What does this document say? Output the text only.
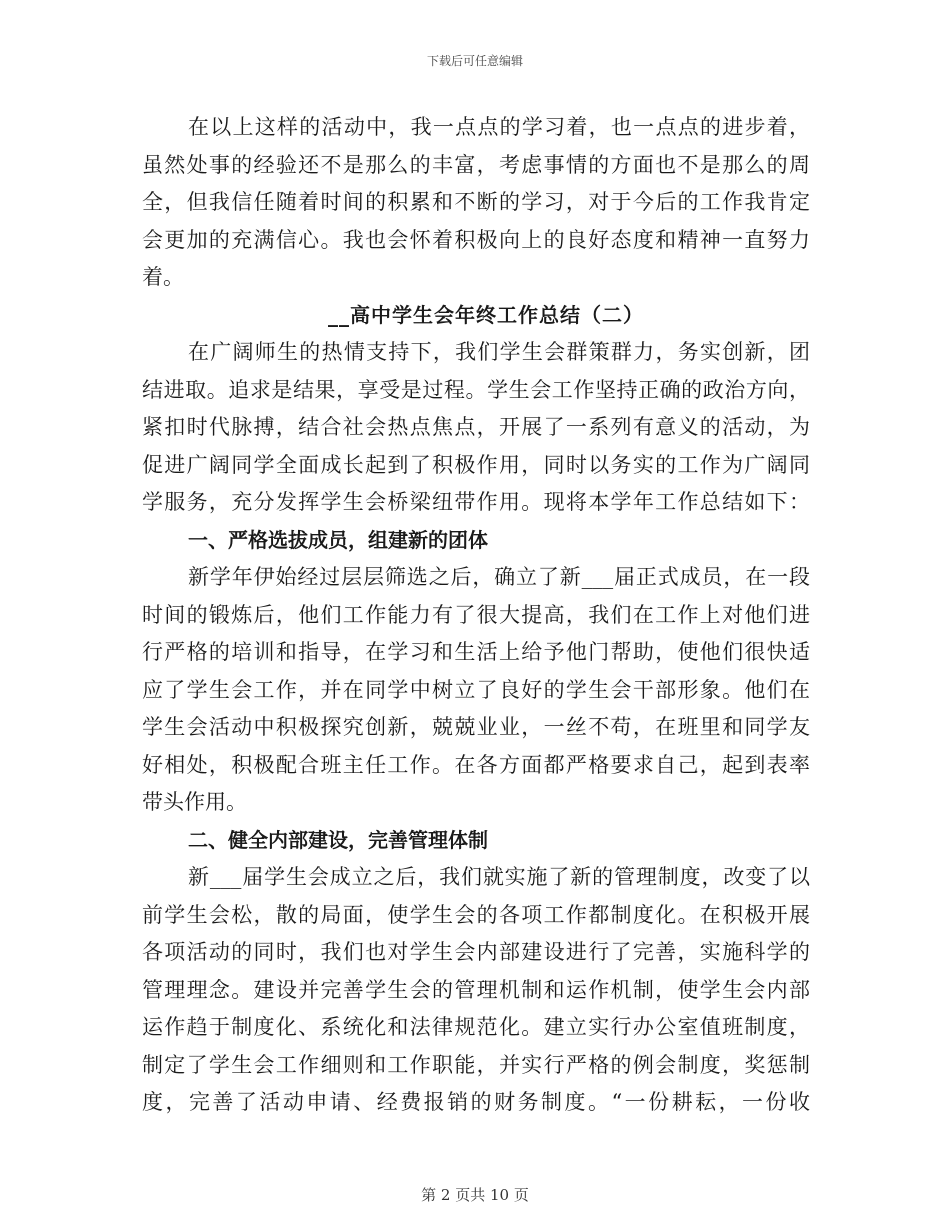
下载后可任意编辑
在以上这样的活动中，我一点点的学习着，也一点点的进步着，
虽然处事的经验还不是那么的丰富，考虑事情的方面也不是那么的周
全，但我信任随着时间的积累和不断的学习，对于今后的工作我肯定
会更加的充满信心。我也会怀着积极向上的良好态度和精神一直努力
着。
__高中学生会年终工作总结（二）
在广阔师生的热情支持下，我们学生会群策群力，务实创新，团
结进取。追求是结果，享受是过程。学生会工作坚持正确的政治方向，
紧扣时代脉搏，结合社会热点焦点，开展了一系列有意义的活动，为
促进广阔同学全面成长起到了积极作用，同时以务实的工作为广阔同
学服务，充分发挥学生会桥梁纽带作用。现将本学年工作总结如下：
一、严格选拔成员，组建新的团体
新学年伊始经过层层筛选之后，确立了新___届正式成员，在一段
时间的锻炼后，他们工作能力有了很大提高，我们在工作上对他们进
行严格的培训和指导，在学习和生活上给予他门帮助，使他们很快适
应了学生会工作，并在同学中树立了良好的学生会干部形象。他们在
学生会活动中积极探究创新，兢兢业业，一丝不苟，在班里和同学友
好相处，积极配合班主任工作。在各方面都严格要求自己，起到表率
带头作用。
二、健全内部建设，完善管理体制
新___届学生会成立之后，我们就实施了新的管理制度，改变了以
前学生会松，散的局面，使学生会的各项工作都制度化。在积极开展
各项活动的同时，我们也对学生会内部建设进行了完善，实施科学的
管理理念。建设并完善学生会的管理机制和运作机制，使学生会内部
运作趋于制度化、系统化和法律规范化。建立实行办公室值班制度，
制定了学生会工作细则和工作职能，并实行严格的例会制度，奖惩制
度，完善了活动申请、经费报销的财务制度。“一份耕耘，一份收
第 2 页共 10 页
